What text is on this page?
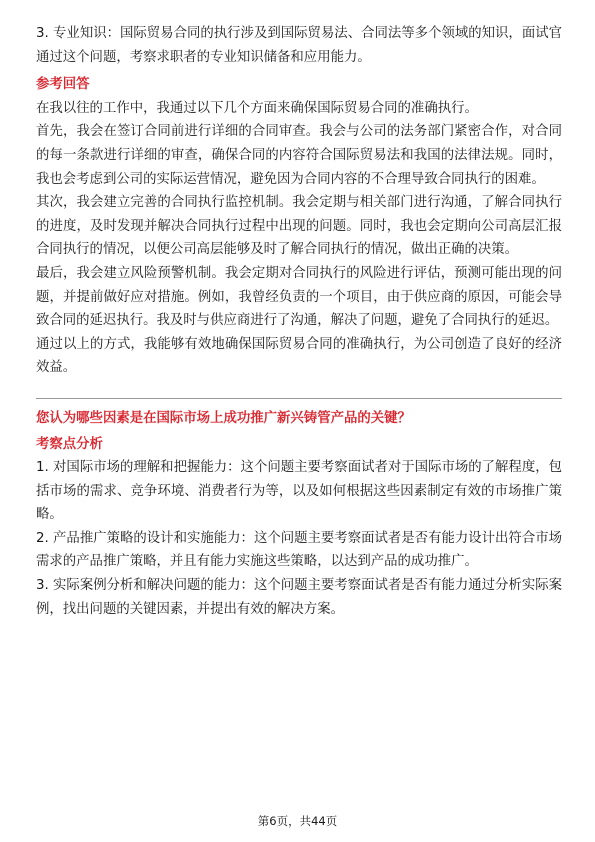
3. 专业知识：国际贸易合同的执行涉及到国际贸易法、合同法等多个领域的知识，面试官通过这个问题，考察求职者的专业知识储备和应用能力。

参考回答

在我以往的工作中，我通过以下几个方面来确保国际贸易合同的准确执行。

首先，我会在签订合同前进行详细的合同审查。我会与公司的法务部门紧密合作，对合同的每一条款进行详细的审查，确保合同的内容符合国际贸易法和我国的法律法规。同时，我也会考虑到公司的实际运营情况，避免因为合同内容的不合理导致合同执行的困难。

其次，我会建立完善的合同执行监控机制。我会定期与相关部门进行沟通，了解合同执行的进度，及时发现并解决合同执行过程中出现的问题。同时，我也会定期向公司高层汇报合同执行的情况，以便公司高层能够及时了解合同执行的情况，做出正确的决策。

最后，我会建立风险预警机制。我会定期对合同执行的风险进行评估，预测可能出现的问题，并提前做好应对措施。例如，我曾经负责的一个项目，由于供应商的原因，可能会导致合同的延迟执行。我及时与供应商进行了沟通，解决了问题，避免了合同执行的延迟。

通过以上的方式，我能够有效地确保国际贸易合同的准确执行，为公司创造了良好的经济效益。

您认为哪些因素是在国际市场上成功推广新兴铸管产品的关键？

考察点分析

1. 对国际市场的理解和把握能力：这个问题主要考察面试者对于国际市场的了解程度，包括市场的需求、竞争环境、消费者行为等，以及如何根据这些因素制定有效的市场推广策略。

2. 产品推广策略的设计和实施能力：这个问题主要考察面试者是否有能力设计出符合市场需求的产品推广策略，并且有能力实施这些策略，以达到产品的成功推广。

3. 实际案例分析和解决问题的能力：这个问题主要考察面试者是否有能力通过分析实际案例，找出问题的关键因素，并提出有效的解决方案。

第6页，共44页
